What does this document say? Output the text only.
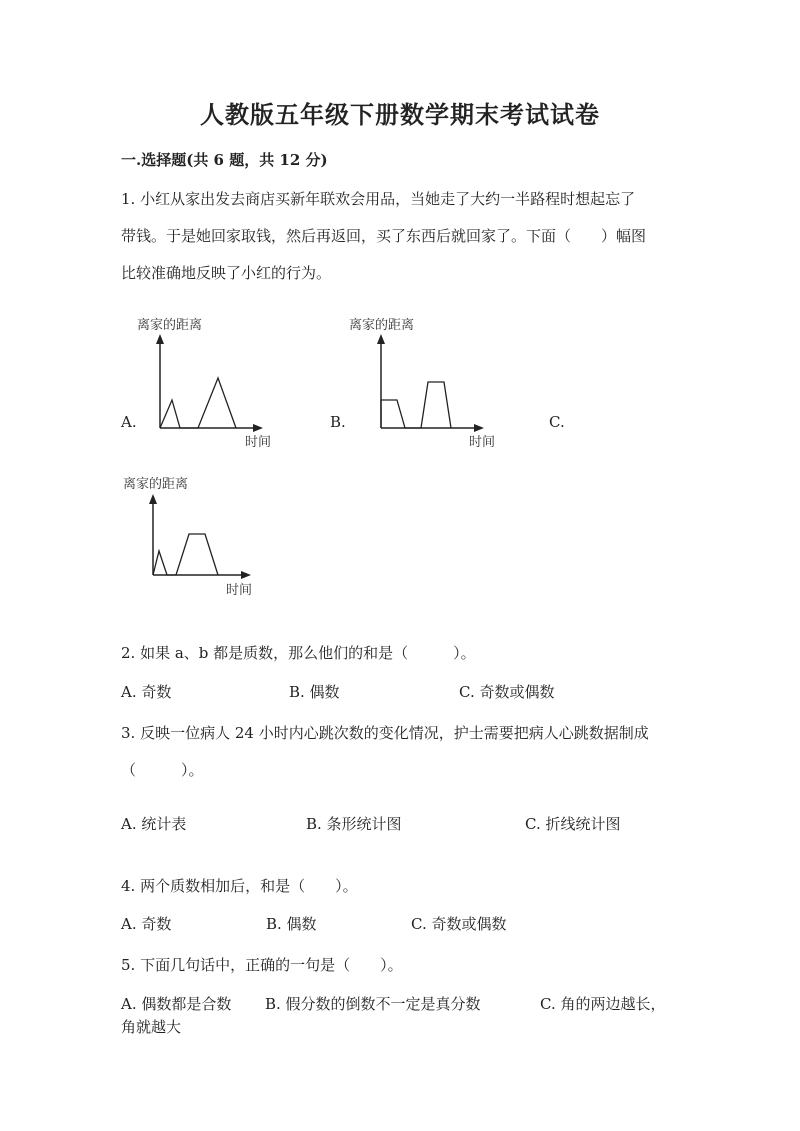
人教版五年级下册数学期末考试试卷
一.选择题(共 6 题，共 12 分)
1. 小红从家出发去商店买新年联欢会用品，当她走了大约一半路程时想起忘了
带钱。于是她回家取钱，然后再返回，买了东西后就回家了。下面（　　）幅图
比较准确地反映了小红的行为。
A.	B.	C.
离家的距离
时间
离家的距离
时间
离家的距离
时间
2. 如果 a、b 都是质数，那么他们的和是（　　　）。
A. 奇数	B. 偶数	C. 奇数或偶数
3. 反映一位病人 24 小时内心跳次数的变化情况，护士需要把病人心跳数据制成
（　　　）。
A. 统计表	B. 条形统计图	C. 折线统计图
4. 两个质数相加后，和是（　　）。
A. 奇数	B. 偶数	C. 奇数或偶数
5. 下面几句话中，正确的一句是（　　）。
A. 偶数都是合数 B. 假分数的倒数不一定是真分数	C. 角的两边越长，
角就越大
